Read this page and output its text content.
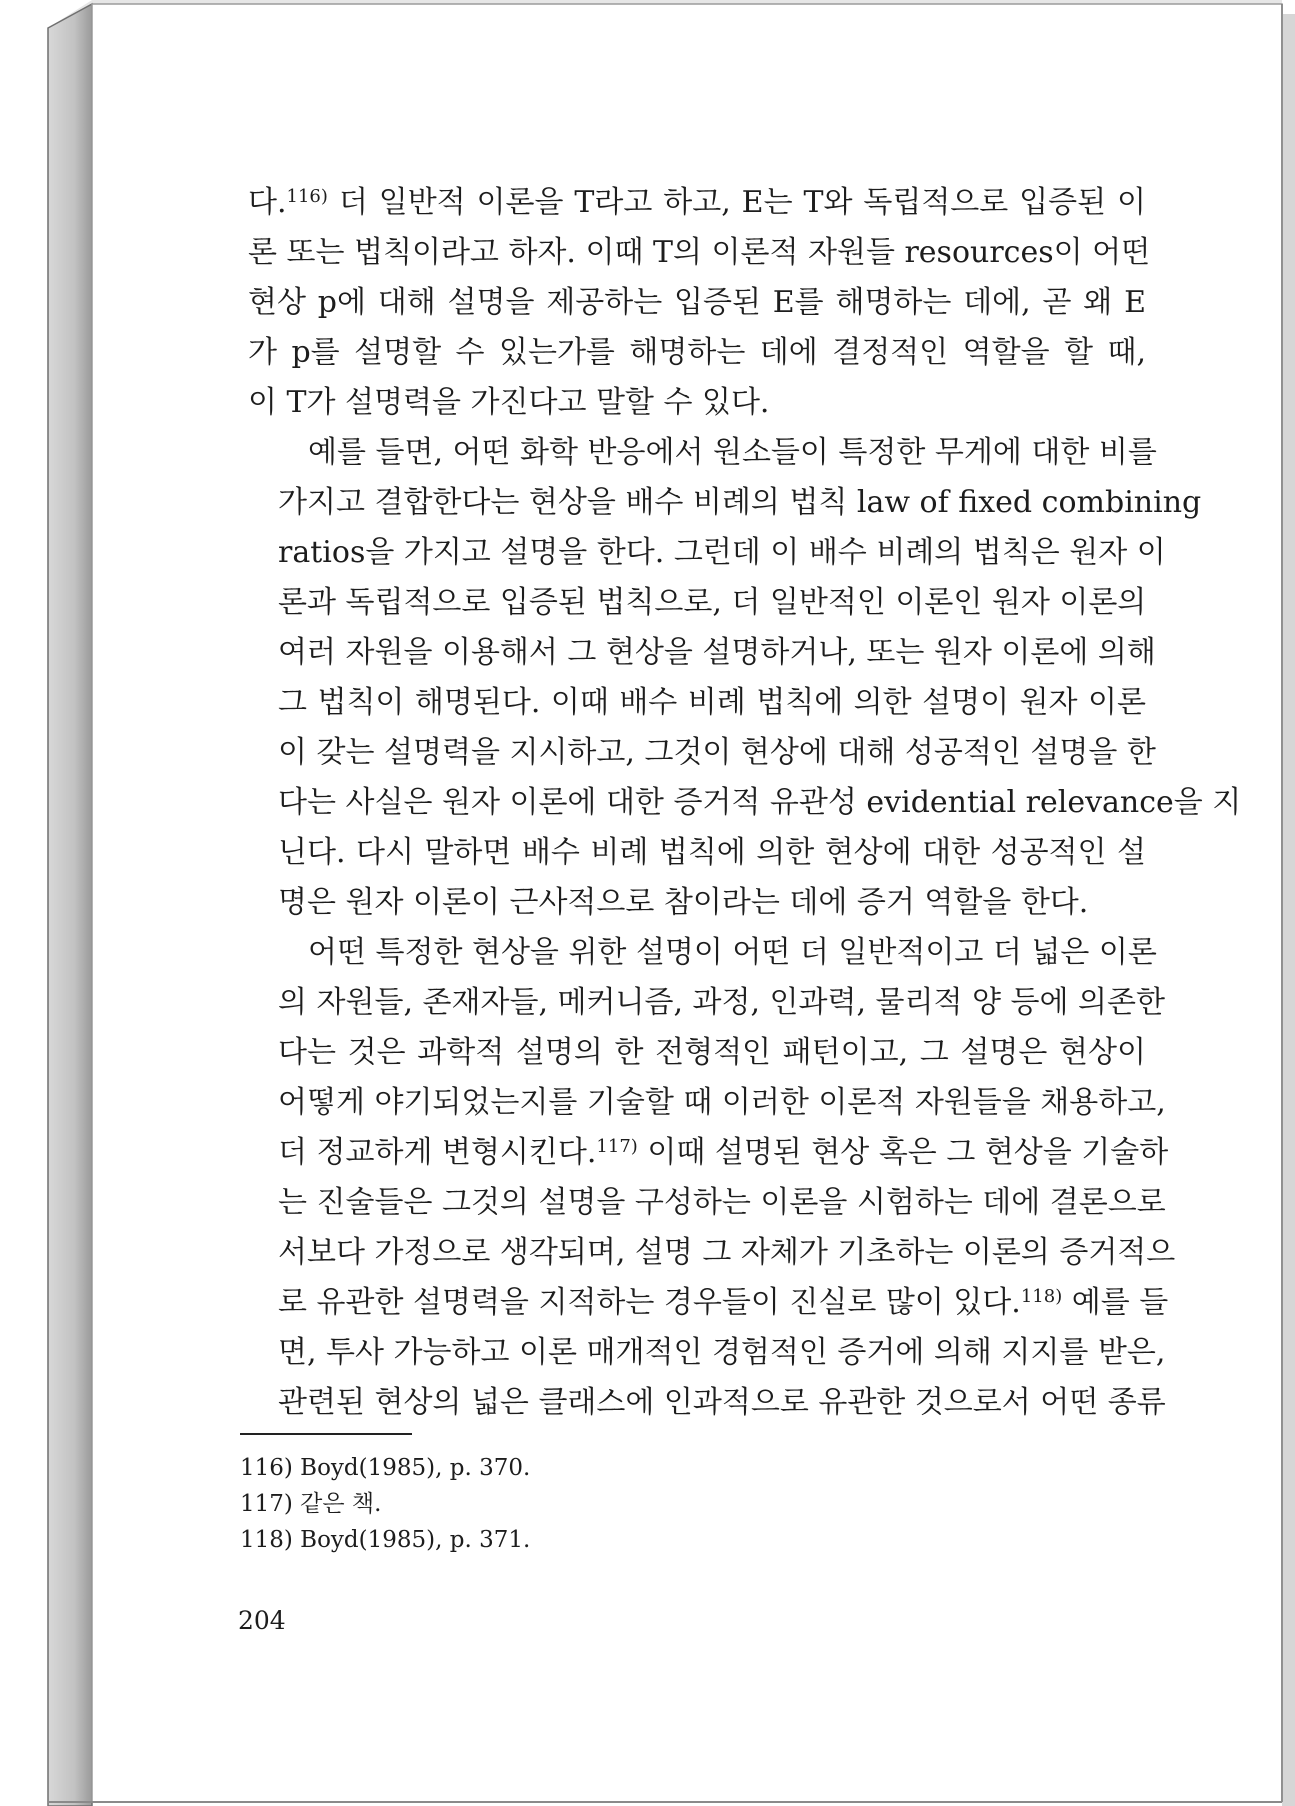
다.$^{116)}$ 더 일반적 이론을 T라고 하고, E는 T와 독립적으로 입증된 이
론 또는 법칙이라고 하자. 이때 T의 이론적 자원들 resources이 어떤
현상 p에 대해 설명을 제공하는 입증된 E를 해명하는 데에, 곧 왜 E
가 p를 설명할 수 있는가를 해명하는 데에 결정적인 역할을 할 때,
이 T가 설명력을 가진다고 말할 수 있다.

예를 들면, 어떤 화학 반응에서 원소들이 특정한 무게에 대한 비를
가지고 결합한다는 현상을 배수 비례의 법칙 law of fixed combining
ratios을 가지고 설명을 한다. 그런데 이 배수 비례의 법칙은 원자 이
론과 독립적으로 입증된 법칙으로, 더 일반적인 이론인 원자 이론의
여러 자원을 이용해서 그 현상을 설명하거나, 또는 원자 이론에 의해
그 법칙이 해명된다. 이때 배수 비례 법칙에 의한 설명이 원자 이론
이 갖는 설명력을 지시하고, 그것이 현상에 대해 성공적인 설명을 한
다는 사실은 원자 이론에 대한 증거적 유관성 evidential relevance을 지
닌다. 다시 말하면 배수 비례 법칙에 의한 현상에 대한 성공적인 설
명은 원자 이론이 근사적으로 참이라는 데에 증거 역할을 한다.

어떤 특정한 현상을 위한 설명이 어떤 더 일반적이고 더 넓은 이론
의 자원들, 존재자들, 메커니즘, 과정, 인과력, 물리적 양 등에 의존한
다는 것은 과학적 설명의 한 전형적인 패턴이고, 그 설명은 현상이
어떻게 야기되었는지를 기술할 때 이러한 이론적 자원들을 채용하고,
더 정교하게 변형시킨다.$^{117)}$ 이때 설명된 현상 혹은 그 현상을 기술하
는 진술들은 그것의 설명을 구성하는 이론을 시험하는 데에 결론으로
서보다 가정으로 생각되며, 설명 그 자체가 기초하는 이론의 증거적으
로 유관한 설명력을 지적하는 경우들이 진실로 많이 있다.$^{118)}$ 예를 들
면, 투사 가능하고 이론 매개적인 경험적인 증거에 의해 지지를 받은,
관련된 현상의 넓은 클래스에 인과적으로 유관한 것으로서 어떤 종류

116) Boyd(1985), p. 370.

117) 같은 책.

118) Boyd(1985), p. 371.

204
